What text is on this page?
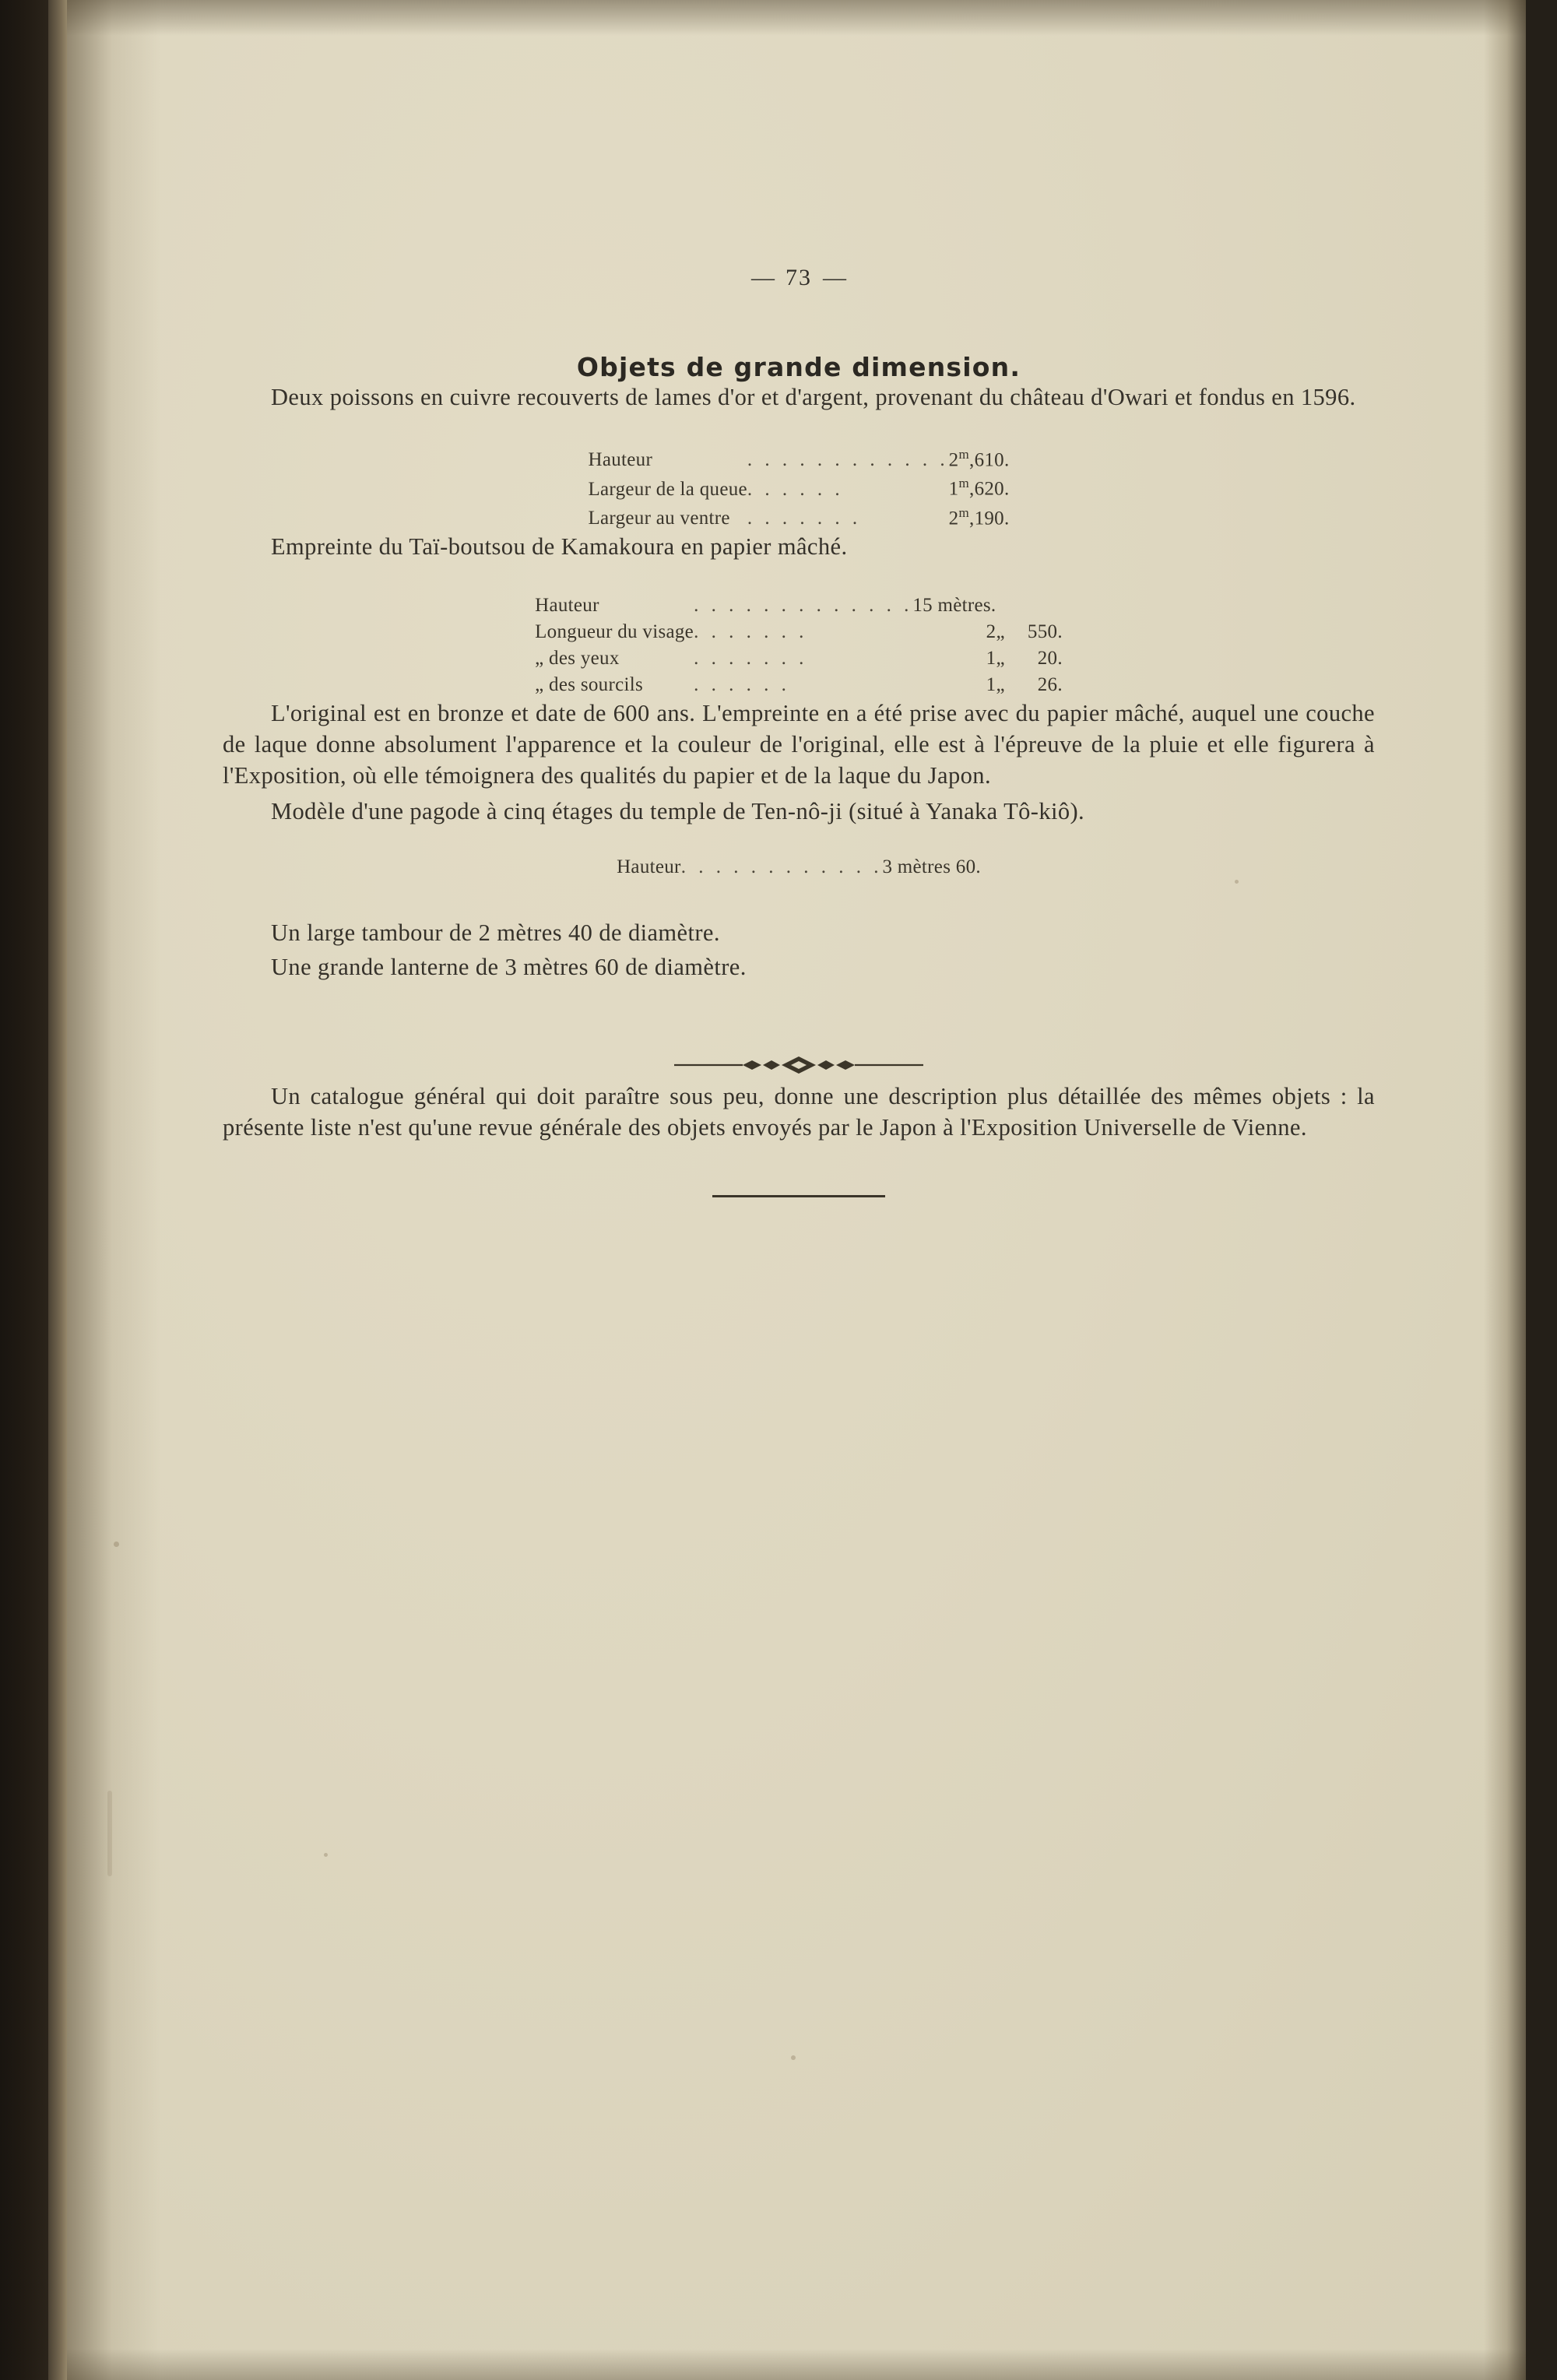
— 73 —
Objets de grande dimension.

Deux poissons en cuivre recouverts de lames d'or et d'argent, provenant du château d'Owari et fondus en 1596.

Hauteur	. . . . . . . . . . . .	2$^m$,610.
Largeur de la queue	. . . . . .	1$^m$,620.
Largeur au ventre	. . . . . . .	2$^m$,190.

Empreinte du Taï-boutsou de Kamakoura en papier mâché.

Hauteur	. . . . . . . . . . . . .	15 mètres.		
Longueur du visage	. . . . . . .	2	„	550.
„ des yeux	. . . . . . .	1	„	20.
„ des sourcils	. . . . . .	1	„	26.

L'original est en bronze et date de 600 ans. L'empreinte en a été prise avec du papier mâché, auquel une couche de laque donne absolument l'apparence et la couleur de l'original, elle est à l'épreuve de la pluie et elle figurera à l'Exposition, où elle témoignera des qualités du papier et de la laque du Japon.

Modèle d'une pagode à cinq étages du temple de Ten-nô-ji (situé à Yanaka Tô-kiô).

Hauteur	. . . . . . . . . . . .	3 mètres 60.

Un large tambour de 2 mètres 40 de diamètre.

Une grande lanterne de 3 mètres 60 de diamètre.

Un catalogue général qui doit paraître sous peu, donne une description plus détaillée des mêmes objets : la présente liste n'est qu'une revue générale des objets envoyés par le Japon à l'Exposition Universelle de Vienne.
